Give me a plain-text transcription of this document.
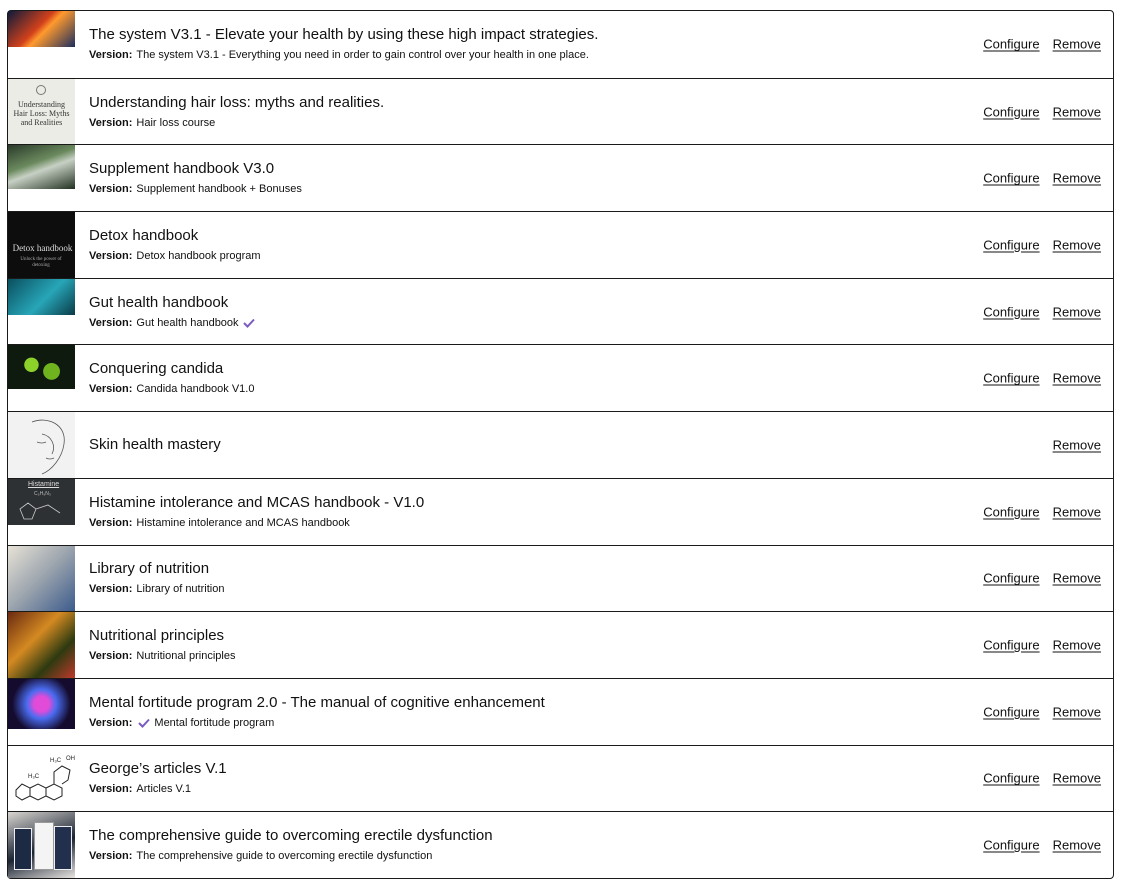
The system V3.1 - Elevate your health by using these high impact strategies.
Version: The system V3.1 - Everything you need in order to gain control over your health in one place.
Configure Remove
Understanding Hair Loss: Myths and Realities
Understanding hair loss: myths and realities.
Version: Hair loss course
Configure Remove
Supplement handbook V3.0
Version: Supplement handbook + Bonuses
Configure Remove
Detox handbook
Unlock the power of detoxing
Detox handbook
Version: Detox handbook program
Configure Remove
Gut health handbook
Version: Gut health handbook
Configure Remove
Conquering candida
Version: Candida handbook V1.0
Configure Remove
Skin health mastery	Remove
Histamine
C₅H₉N₃	Histamine intolerance and MCAS handbook - V1.0
Version: Histamine intolerance and MCAS handbook
Configure Remove
Library of nutrition
Version: Library of nutrition
Configure Remove
Nutritional principles
Version: Nutritional principles
Configure Remove
Mental fortitude program 2.0 - The manual of cognitive enhancement
Version: Mental fortitude program
Configure Remove
H₃C OH
H₃C	George’s articles V.1
Version: Articles V.1
Configure Remove
The comprehensive guide to overcoming erectile dysfunction
Version: The comprehensive guide to overcoming erectile dysfunction
Configure Remove
